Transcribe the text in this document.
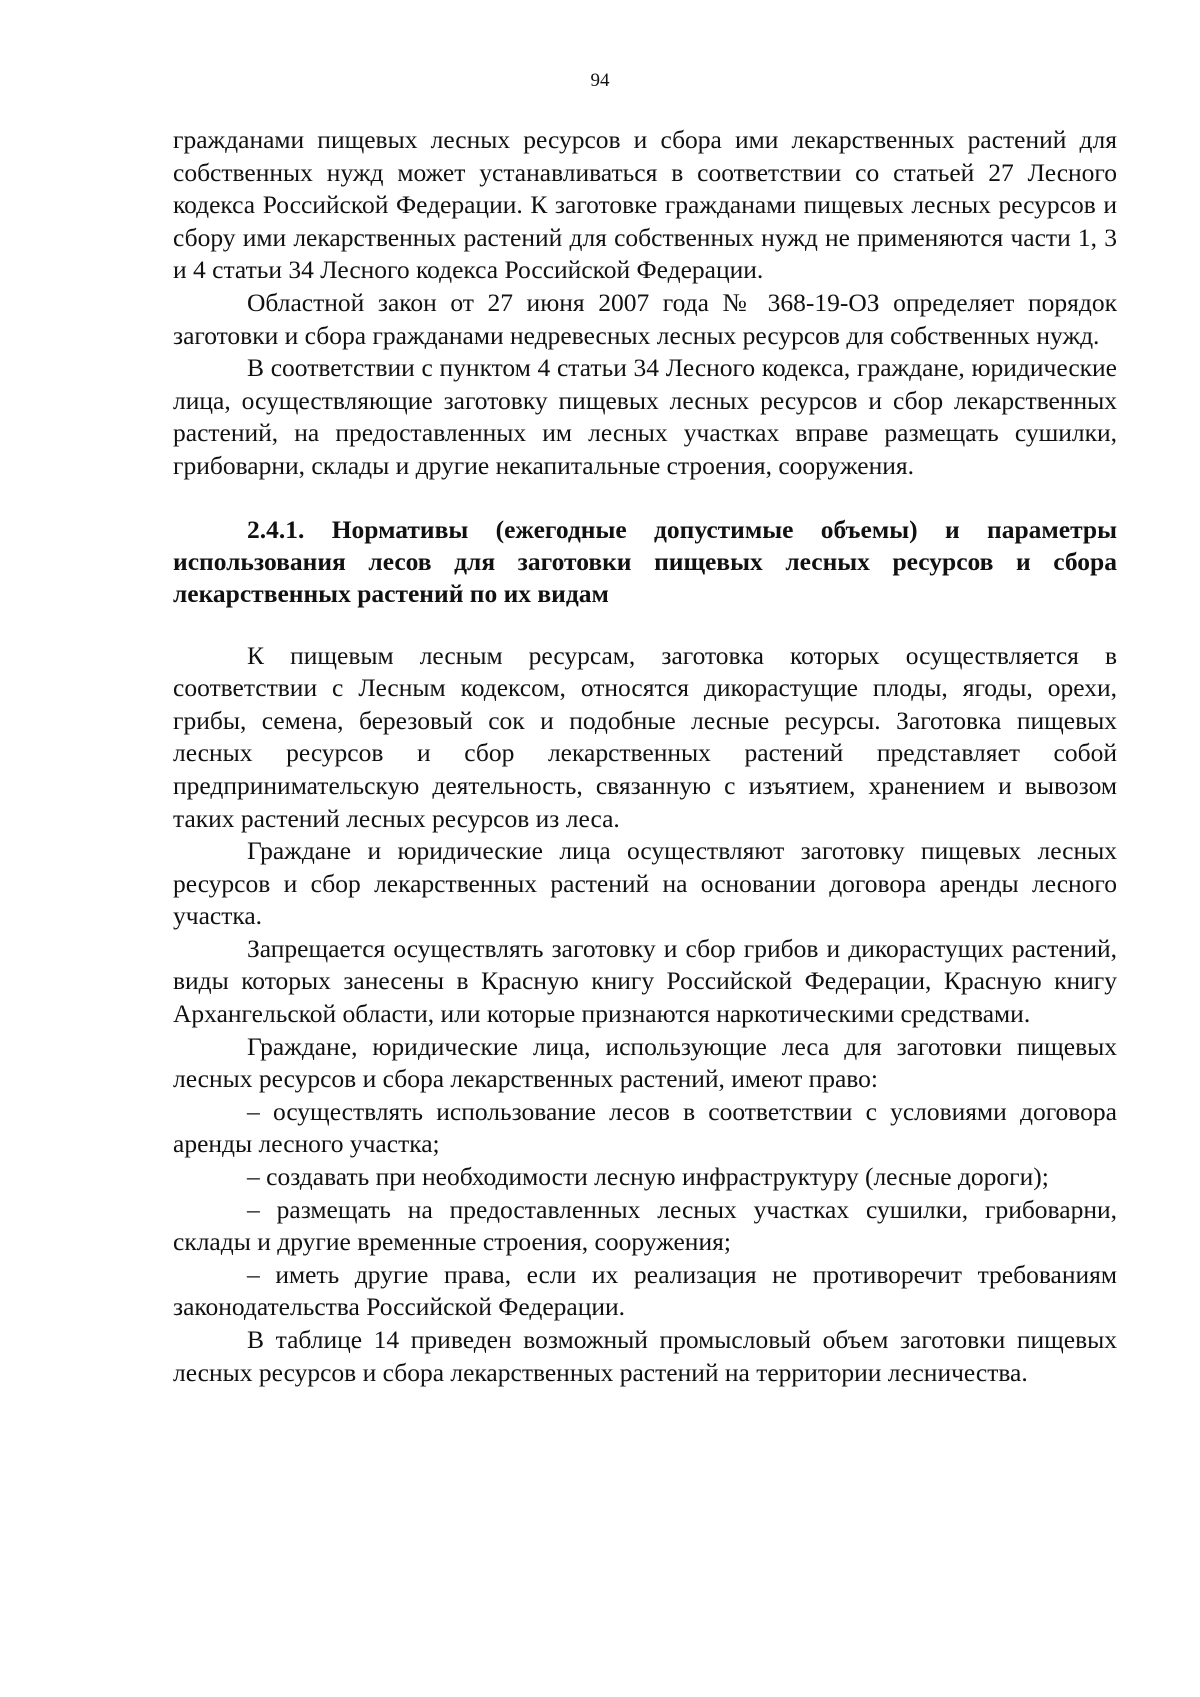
94

гражданами пищевых лесных ресурсов и сбора ими лекарственных растений для собственных нужд может устанавливаться в соответствии со статьей 27 Лесного кодекса Российской Федерации. К заготовке гражданами пищевых лесных ресурсов и сбору ими лекарственных растений для собственных нужд не применяются части 1, 3 и 4 статьи 34 Лесного кодекса Российской Федерации.

Областной закон от 27 июня 2007 года № 368-19-ОЗ определяет порядок заготовки и сбора гражданами недревесных лесных ресурсов для собственных нужд.

В соответствии с пунктом 4 статьи 34 Лесного кодекса, граждане, юридические лица, осуществляющие заготовку пищевых лесных ресурсов и сбор лекарственных растений, на предоставленных им лесных участках вправе размещать сушилки, грибоварни, склады и другие некапитальные строения, сооружения.

2.4.1. Нормативы (ежегодные допустимые объемы) и параметры использования лесов для заготовки пищевых лесных ресурсов и сбора лекарственных растений по их видам

К пищевым лесным ресурсам, заготовка которых осуществляется в соответствии с Лесным кодексом, относятся дикорастущие плоды, ягоды, орехи, грибы, семена, березовый сок и подобные лесные ресурсы. Заготовка пищевых лесных ресурсов и сбор лекарственных растений представляет собой предпринимательскую деятельность, связанную с изъятием, хранением и вывозом таких растений лесных ресурсов из леса.

Граждане и юридические лица осуществляют заготовку пищевых лесных ресурсов и сбор лекарственных растений на основании договора аренды лесного участка.

Запрещается осуществлять заготовку и сбор грибов и дикорастущих растений, виды которых занесены в Красную книгу Российской Федерации, Красную книгу Архангельской области, или которые признаются наркотическими средствами.

Граждане, юридические лица, использующие леса для заготовки пищевых лесных ресурсов и сбора лекарственных растений, имеют право:

– осуществлять использование лесов в соответствии с условиями договора аренды лесного участка;

– создавать при необходимости лесную инфраструктуру (лесные дороги);

– размещать на предоставленных лесных участках сушилки, грибоварни, склады и другие временные строения, сооружения;

– иметь другие права, если их реализация не противоречит требованиям законодательства Российской Федерации.

В таблице 14 приведен возможный промысловый объем заготовки пищевых лесных ресурсов и сбора лекарственных растений на территории лесничества.
